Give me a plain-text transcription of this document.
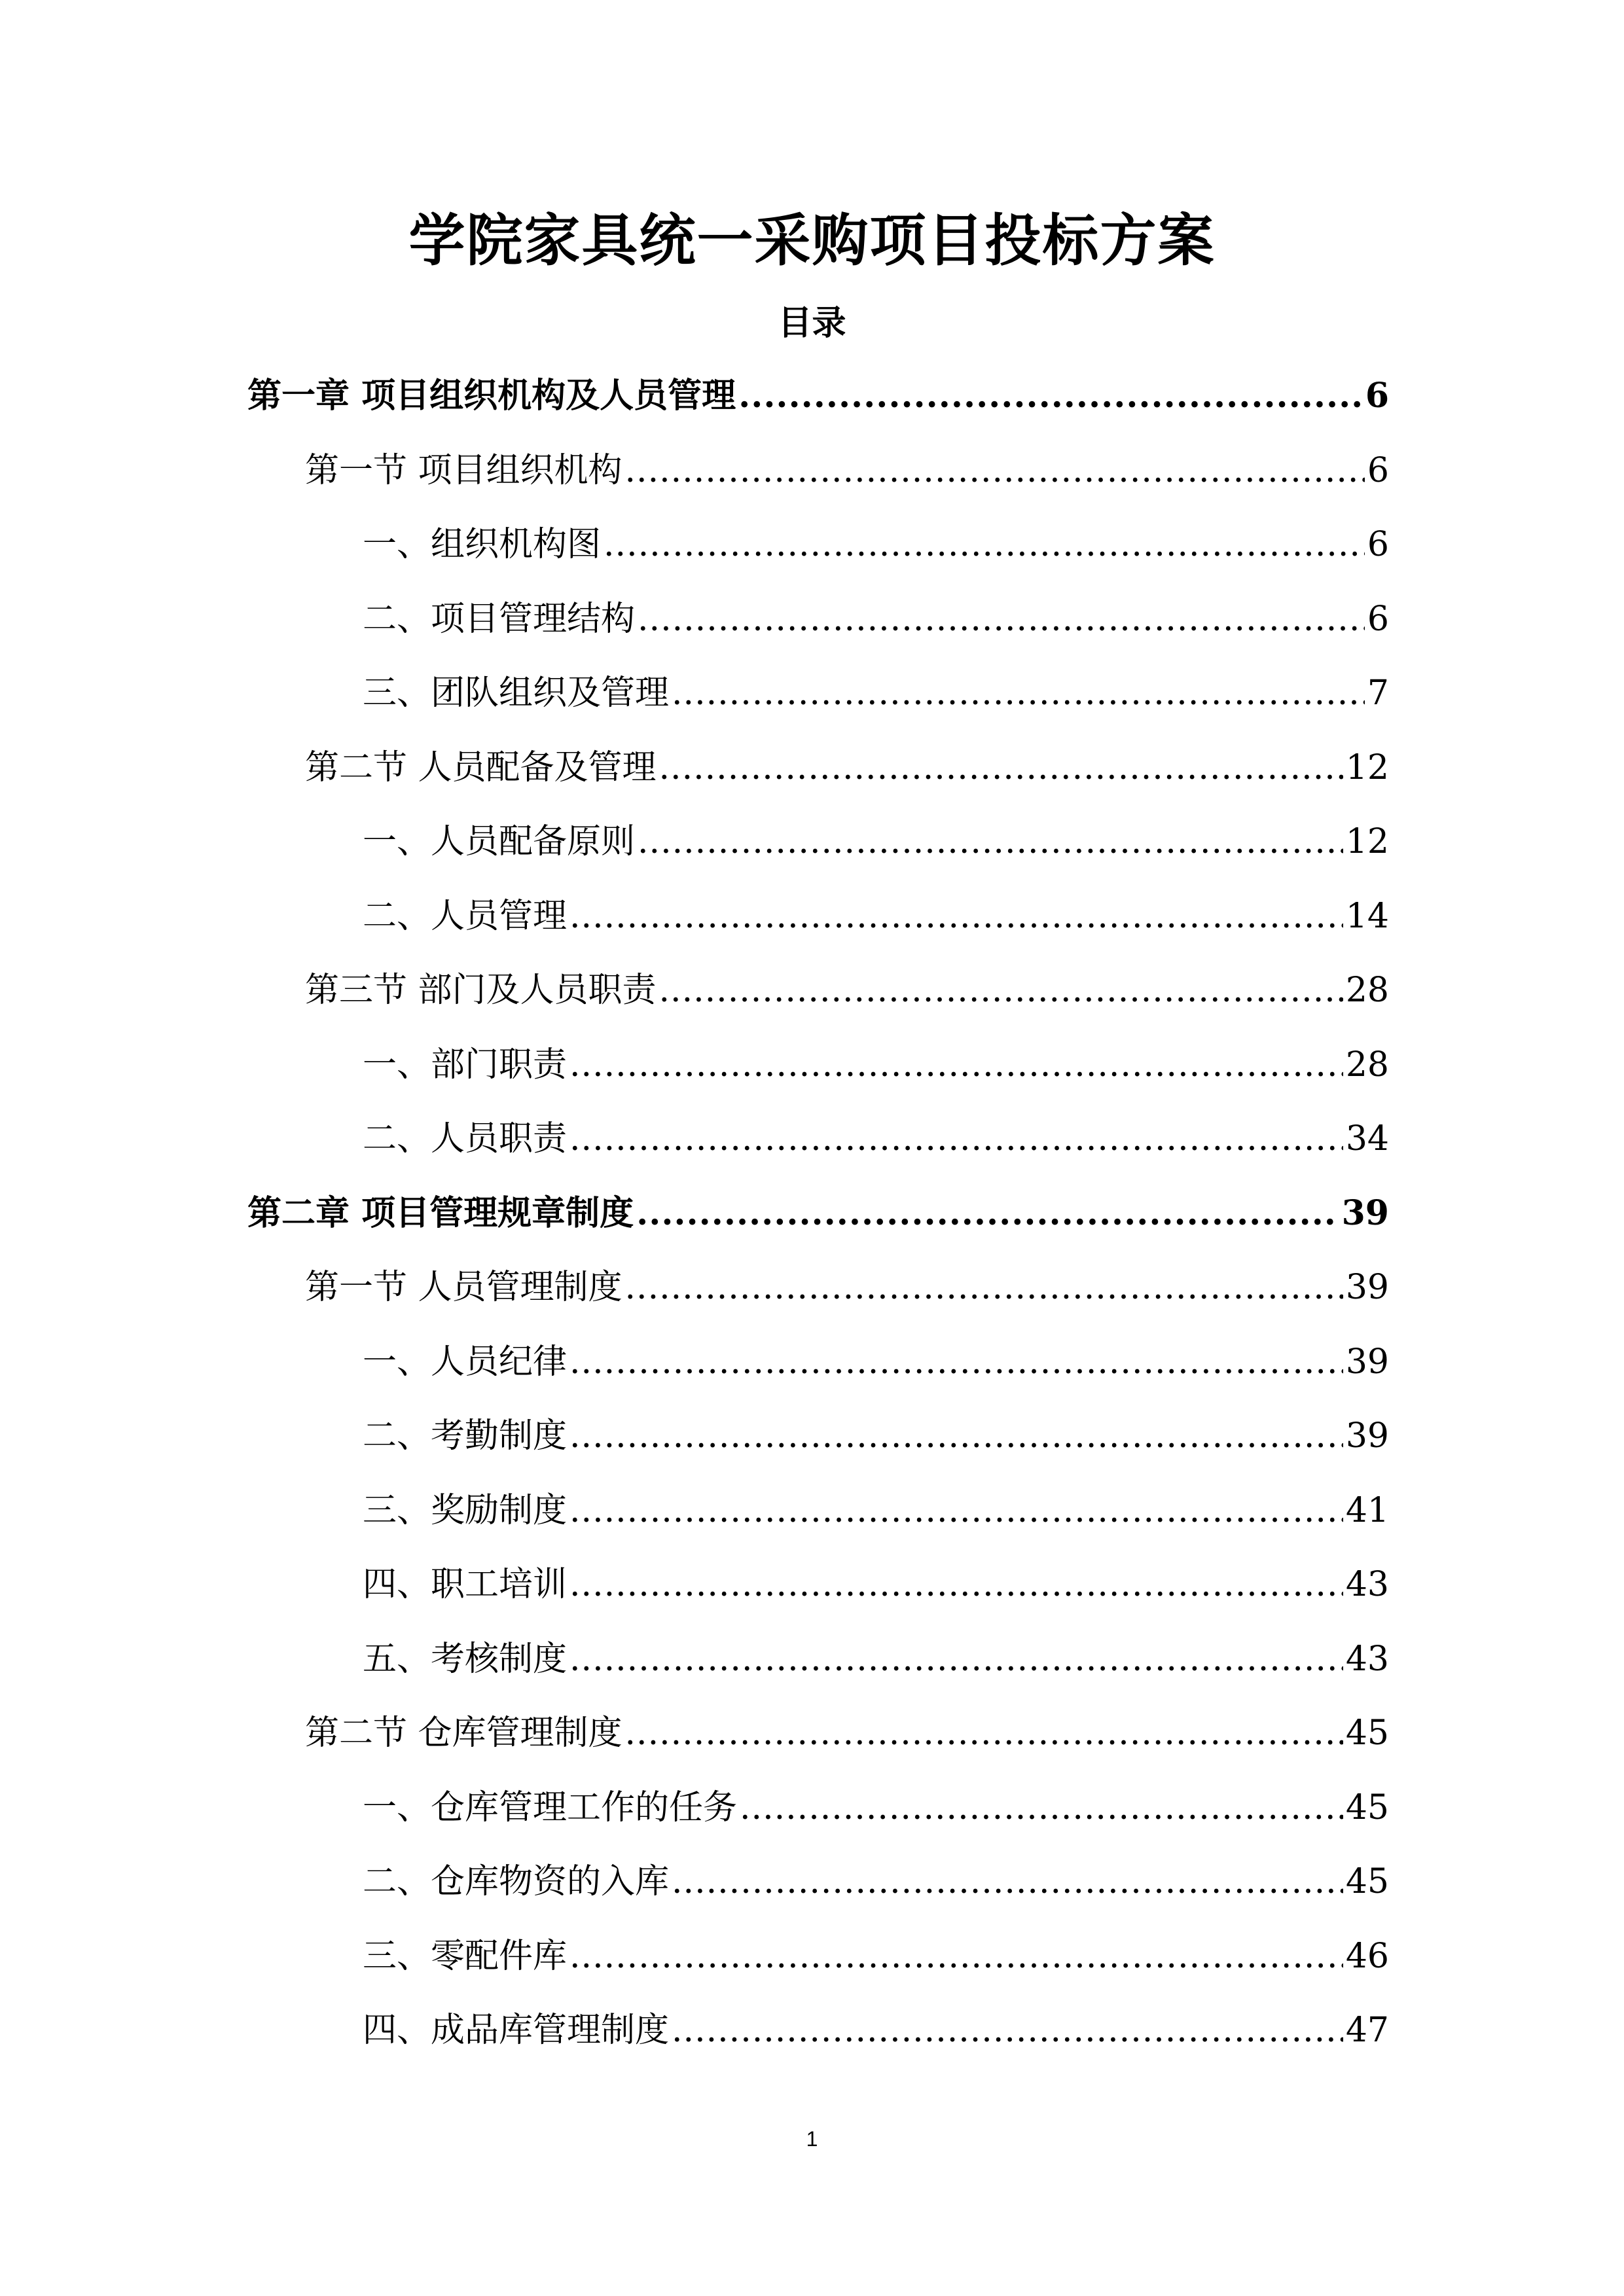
学院家具统一采购项目投标方案
目录
第一章 项目组织机构及人员管理 .....	6
第一节 项目组织机构 .....	6
一、组织机构图 .....	6
二、项目管理结构 .....	6
三、团队组织及管理 .....	7
第二节 人员配备及管理 .....	12
一、人员配备原则 .....	12
二、人员管理 .....	14
第三节 部门及人员职责 .....	28
一、部门职责 .....	28
二、人员职责 .....	34
第二章 项目管理规章制度 .....	39
第一节 人员管理制度 .....	39
一、人员纪律 .....	39
二、考勤制度 .....	39
三、奖励制度 .....	41
四、职工培训 .....	43
五、考核制度 .....	43
第二节 仓库管理制度 .....	45
一、仓库管理工作的任务 .....	45
二、仓库物资的入库 .....	45
三、零配件库 .....	46
四、成品库管理制度 .....	47
1
